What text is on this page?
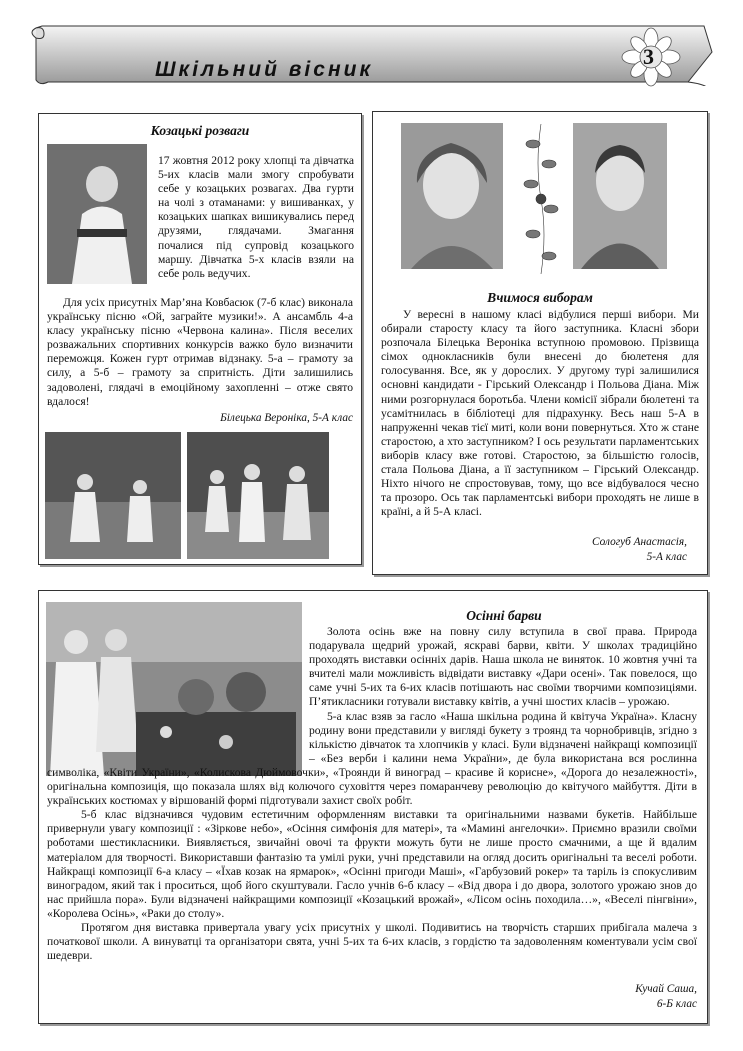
Шкільний вісник
3
Козацькі розваги
17 жовтня 2012 року хлопці та дівчатка 5-их класів мали змогу спробувати себе у козацьких розвагах. Два гурти на чолі з отаманами: у вишиванках, у козацьких шапках вишикувались перед друзями, глядачами. Змагання почалися під супровід козацького маршу. Дівчатка 5-х класів взяли на себе роль ведучих.
Для усіх присутніх Мар’яна Ковбасюк (7-б клас) виконала українську пісню «Ой, заграйте музики!». А ансамбль 4-а класу українську пісню «Червона калина». Після веселих розважальних спортивних конкурсів важко було визначити переможця. Кожен гурт отримав відзнаку. 5-а – грамоту за силу, а 5-б – грамоту за спритність. Діти залишились задоволені, глядачі в емоційному захопленні – отже свято вдалося!
Білецька Вероніка, 5-А клас
Вчимося виборам
У вересні в нашому класі відбулися перші вибори. Ми обирали старосту класу та його заступника. Класні збори розпочала Білецька Вероніка вступною промовою. Прізвища сімох однокласників були внесені до бюлетеня для голосування. Все, як у дорослих. У другому турі залишилися основні кандидати - Гірський Олександр і Польова Діана. Між ними розгорнулася боротьба. Члени комісії зібрали бюлетені та усамітнилась в бібліотеці для підрахунку. Весь наш 5-А в напруженні чекав тієї миті, коли вони повернуться. Хто ж стане старостою, а хто заступником? І ось результати парламентських виборів класу вже готові. Старостою, за більшістю голосів, стала Польова Діана, а її заступником – Гірський Олександр. Ніхто нічого не спростовував, тому, що все відбувалося чесно та прозоро. Ось так парламентські вибори проходять не лише в країні, а й 5-А класі.
Сологуб Анастасія,
5-А клас
Осінні барви
Кучай Саша,
6-Б клас
Золота осінь вже на повну силу вступила в свої права. Природа подарувала щедрий урожай, яскраві барви, квіти. У школах традиційно проходять виставки осінніх дарів. Наша школа не виняток. 10 жовтня учні та вчителі мали можливість відвідати виставку «Дари осені». Так повелося, що саме учні 5-их та 6-их класів потішають нас своїми творчими композиціями. П’ятикласники готували виставку квітів, а учні шостих класів – урожаю.
5-а клас взяв за гасло «Наша шкільна родина й квітуча Україна». Класну родину вони представили у вигляді букету з троянд та чорнобривців, згідно з кількістю дівчаток та хлопчиків у класі. Були відзначені найкращі композиції – «Без верби і калини нема України», де була використана вся рослинна символіка, «Квіти України», «Колискова Дюймовочки», «Троянди й виноград – красиве й корисне», «Дорога до незалежності», оригінальна композиція, що показала шлях від колючого суховіття через помаранчеву революцію до квітучого майбуття. Діти в українських костюмах у віршованій формі підготували захист своїх робіт.
5-б клас відзначився чудовим естетичним оформленням виставки та оригінальними назвами букетів. Найбільше привернули увагу композиції : «Зіркове небо», «Осіння симфонія для матері», та «Мамині ангелочки». Приємно вразили своїми роботами шестикласники. Виявляється, звичайні овочі та фрукти можуть бути не лише просто смачними, а ще й вдалим матеріалом для творчості. Використавши фантазію та умілі руки, учні представили на огляд досить оригінальні та веселі роботи. Найкращі композиції 6-а класу – «Їхав козак на ярмарок», «Осінні пригоди Маші», «Гарбузовий рокер» та таріль із спокусливим виноградом, який так і проситься, щоб його скуштували. Гасло учнів 6-б класу – «Від двора і до двора, золотого урожаю знов до нас прийшла пора». Були відзначені найкращими композиції «Козацький врожай», «Лісом осінь походила…», «Веселі пінгвіни», «Королева Осінь», «Раки до столу».
Протягом дня виставка привертала увагу усіх присутніх у школі. Подивитись на творчість старших прибігала малеча з початкової школи. А винуватці та організатори свята, учні 5-их та 6-их класів, з гордістю та задоволенням коментували усім свої шедеври.
